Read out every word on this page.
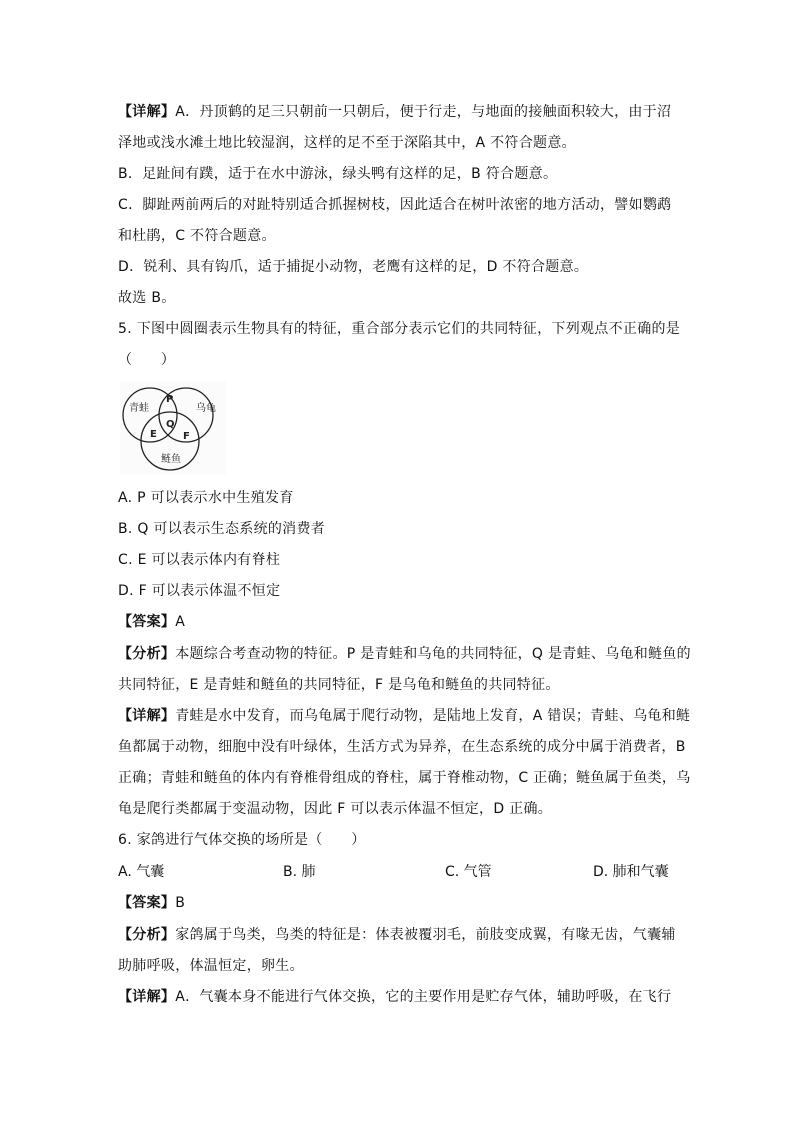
【详解】A．丹顶鹤的足三只朝前一只朝后，便于行走，与地面的接触面积较大，由于沼
泽地或浅水滩土地比较湿润，这样的足不至于深陷其中，A 不符合题意。
B．足趾间有蹼，适于在水中游泳，绿头鸭有这样的足，B 符合题意。
C．脚趾两前两后的对趾特别适合抓握树枝，因此适合在树叶浓密的地方活动，譬如鹦鹉
和杜鹃，C 不符合题意。
D．锐利、具有钩爪，适于捕捉小动物，老鹰有这样的足，D 不符合题意。
故选 B。
5. 下图中圆圈表示生物具有的特征，重合部分表示它们的共同特征，下列观点不正确的是
（　　）
青蛙	乌龟
鲢鱼
P
Q
E	F
A. P 可以表示水中生殖发育
B. Q 可以表示生态系统的消费者
C. E 可以表示体内有脊柱
D. F 可以表示体温不恒定
【答案】A
【分析】本题综合考查动物的特征。P 是青蛙和乌龟的共同特征，Q 是青蛙、乌龟和鲢鱼的
共同特征，E 是青蛙和鲢鱼的共同特征，F 是乌龟和鲢鱼的共同特征。
【详解】青蛙是水中发育，而乌龟属于爬行动物，是陆地上发育，A 错误；青蛙、乌龟和鲢
鱼都属于动物，细胞中没有叶绿体，生活方式为异养，在生态系统的成分中属于消费者，B
正确；青蛙和鲢鱼的体内有脊椎骨组成的脊柱，属于脊椎动物，C 正确；鲢鱼属于鱼类，乌
龟是爬行类都属于变温动物，因此 F 可以表示体温不恒定，D 正确。
6. 家鸽进行气体交换的场所是（　　）
A. 气囊	B. 肺	C. 气管	D. 肺和气囊
【答案】B
【分析】家鸽属于鸟类，鸟类的特征是：体表被覆羽毛，前肢变成翼，有喙无齿，气囊辅
助肺呼吸，体温恒定，卵生。
【详解】A．气囊本身不能进行气体交换，它的主要作用是贮存气体，辅助呼吸，在飞行
